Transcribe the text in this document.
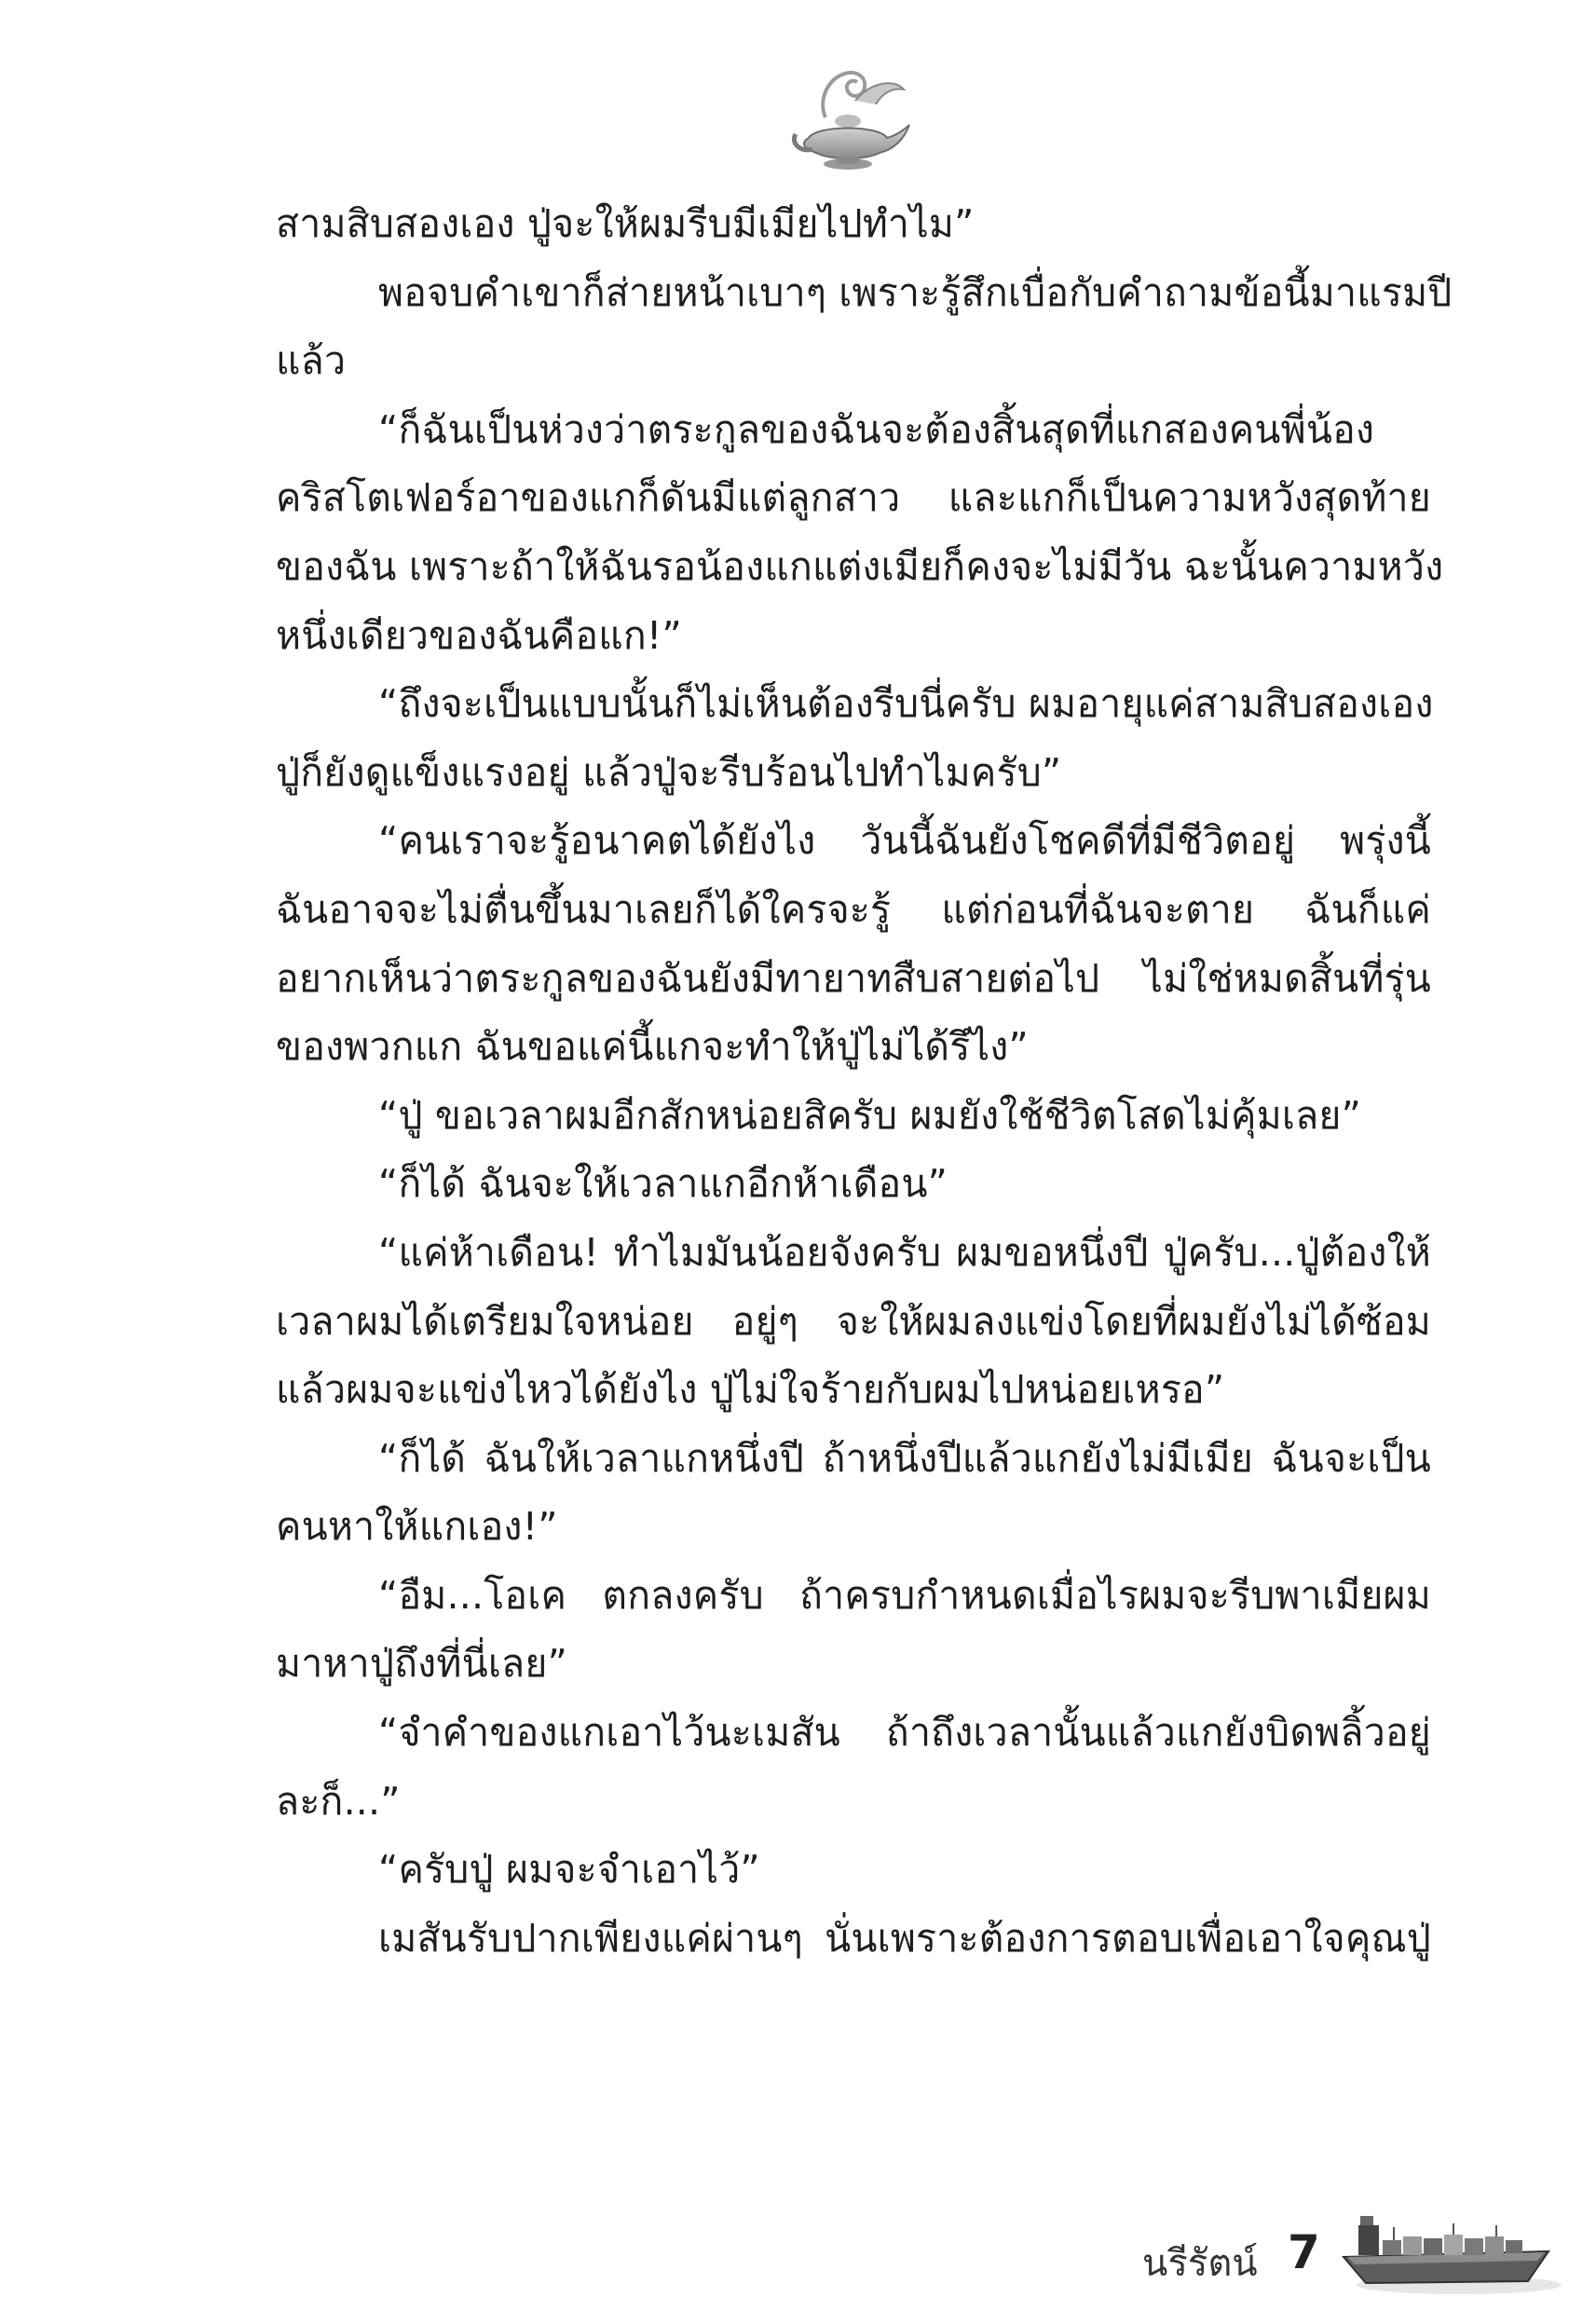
สามสิบสองเอง ปู่จะให้ผมรีบมีเมียไปทำไม”
พอจบคำเขาก็ส่ายหน้าเบาๆ เพราะรู้สึกเบื่อกับคำถามข้อนี้มาแรมปี
แล้ว
“ก็ฉันเป็นห่วงว่าตระกูลของฉันจะต้องสิ้นสุดที่แกสองคนพี่น้อง
คริสโตเฟอร์อาของแกก็ดันมีแต่ลูกสาว และแกก็เป็นความหวังสุดท้าย
ของฉัน เพราะถ้าให้ฉันรอน้องแกแต่งเมียก็คงจะไม่มีวัน ฉะนั้นความหวัง
หนึ่งเดียวของฉันคือแก!”
“ถึงจะเป็นแบบนั้นก็ไม่เห็นต้องรีบนี่ครับ ผมอายุแค่สามสิบสองเอง
ปู่ก็ยังดูแข็งแรงอยู่ แล้วปู่จะรีบร้อนไปทำไมครับ”
“คนเราจะรู้อนาคตได้ยังไง วันนี้ฉันยังโชคดีที่มีชีวิตอยู่ พรุ่งนี้
ฉันอาจจะไม่ตื่นขึ้นมาเลยก็ได้ใครจะรู้ แต่ก่อนที่ฉันจะตาย ฉันก็แค่
อยากเห็นว่าตระกูลของฉันยังมีทายาทสืบสายต่อไป ไม่ใช่หมดสิ้นที่รุ่น
ของพวกแก ฉันขอแค่นี้แกจะทำให้ปู่ไม่ได้รึไง”
“ปู่ ขอเวลาผมอีกสักหน่อยสิครับ ผมยังใช้ชีวิตโสดไม่คุ้มเลย”
“ก็ได้ ฉันจะให้เวลาแกอีกห้าเดือน”
“แค่ห้าเดือน! ทำไมมันน้อยจังครับ ผมขอหนึ่งปี ปู่ครับ...ปู่ต้องให้
เวลาผมได้เตรียมใจหน่อย อยู่ๆ จะให้ผมลงแข่งโดยที่ผมยังไม่ได้ซ้อม
แล้วผมจะแข่งไหวได้ยังไง ปู่ไม่ใจร้ายกับผมไปหน่อยเหรอ”
“ก็ได้ ฉันให้เวลาแกหนึ่งปี ถ้าหนึ่งปีแล้วแกยังไม่มีเมีย ฉันจะเป็น
คนหาให้แกเอง!”
“อืม...โอเค ตกลงครับ ถ้าครบกำหนดเมื่อไรผมจะรีบพาเมียผม
มาหาปู่ถึงที่นี่เลย”
“จำคำของแกเอาไว้นะเมสัน ถ้าถึงเวลานั้นแล้วแกยังบิดพลิ้วอยู่
ละก็...”
“ครับปู่ ผมจะจำเอาไว้”
เมสันรับปากเพียงแค่ผ่านๆ นั่นเพราะต้องการตอบเพื่อเอาใจคุณปู่
นรีรัตน์ 7
